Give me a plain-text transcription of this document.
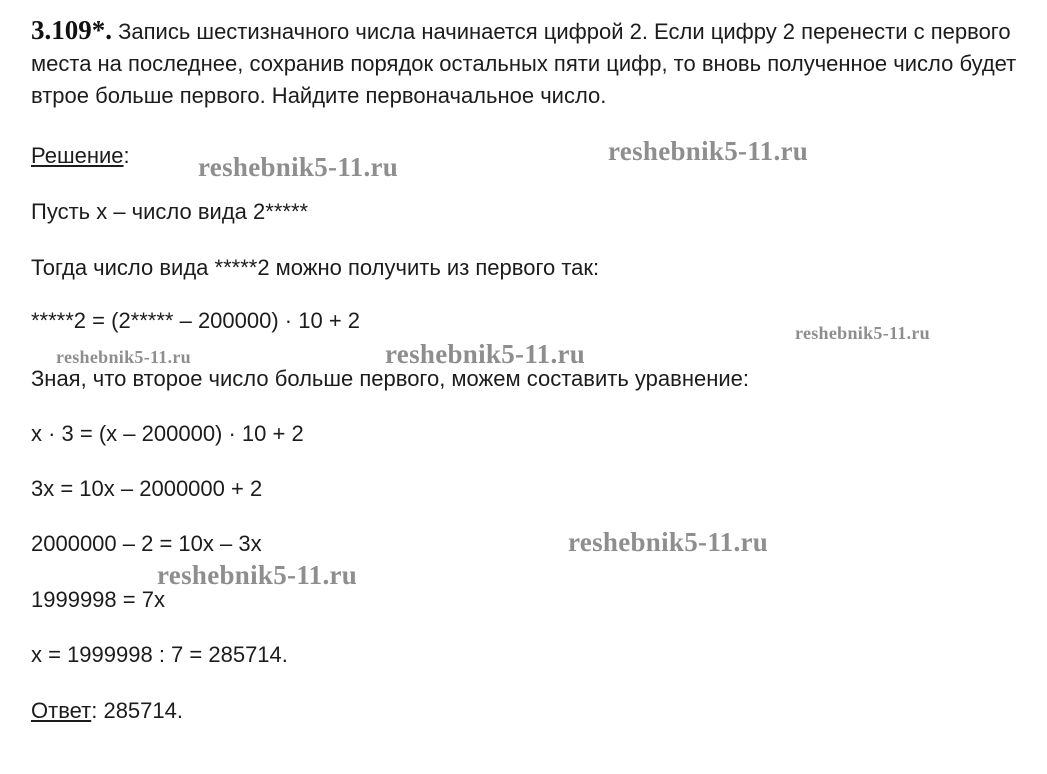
3.109*. Запись шестизначного числа начинается цифрой 2. Если цифру 2 перенести с первого места на последнее, сохранив порядок остальных пяти цифр, то вновь полученное число будет втрое больше первого. Найдите первоначальное число.
Решение:
Пусть x – число вида 2*****
Тогда число вида *****2 можно получить из первого так:
*****2 = (2***** – 200000) · 10 + 2
Зная, что второе число больше первого, можем составить уравнение:
x · 3 = (x – 200000) · 10 + 2
3x = 10x – 2000000 + 2
2000000 – 2 = 10x – 3x
1999998 = 7x
x = 1999998 : 7 = 285714.
Ответ: 285714.
reshebnik5-11.ru
reshebnik5-11.ru
reshebnik5-11.ru
reshebnik5-11.ru	reshebnik5-11.ru
reshebnik5-11.ru
reshebnik5-11.ru
